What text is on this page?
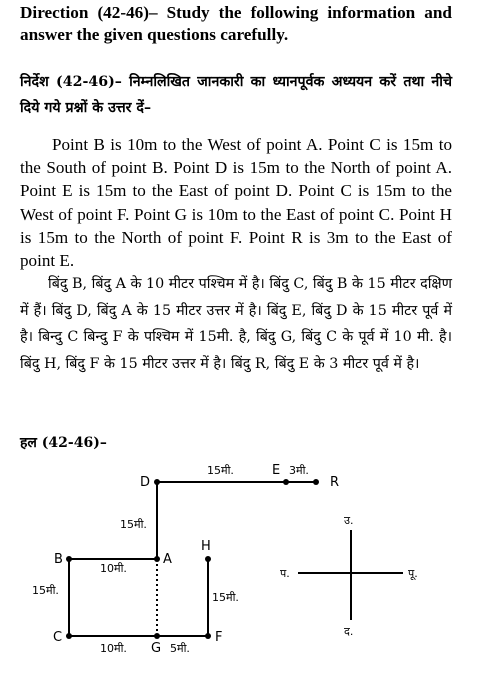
Direction (42-46)– Study the following information and answer the given questions carefully.
निर्देश (42-46)– निम्नलिखित जानकारी का ध्यानपूर्वक अध्ययन करें तथा नीचे दिये गये प्रश्नों के उत्तर दें–
Point B is 10m to the West of point A. Point C is 15m to the South of point B. Point D is 15m to the North of point A. Point E is 15m to the East of point D. Point C is 15m to the West of point F. Point G is 10m to the East of point C. Point H is 15m to the North of point F. Point R is 3m to the East of point E.
बिंदु B, बिंदु A के 10 मीटर पश्चिम में है। बिंदु C, बिंदु B के 15 मीटर दक्षिण में हैं। बिंदु D, बिंदु A के 15 मीटर उत्तर में है। बिंदु E, बिंदु D के 15 मीटर पूर्व में है। बिन्दु C बिन्दु F के पश्चिम में 15मी. है, बिंदु G, बिंदु C के पूर्व में 10 मी. है। बिंदु H, बिंदु F के 15 मीटर उत्तर में है। बिंदु R, बिंदु E के 3 मीटर पूर्व में है।
हल (42-46)–
B	A
C
G
F
H
D
E
R
15मी.	3मी.
15मी.
10मी.
15मी.
15मी.
10मी.	5मी.
उ.
द.
पू.
प.
